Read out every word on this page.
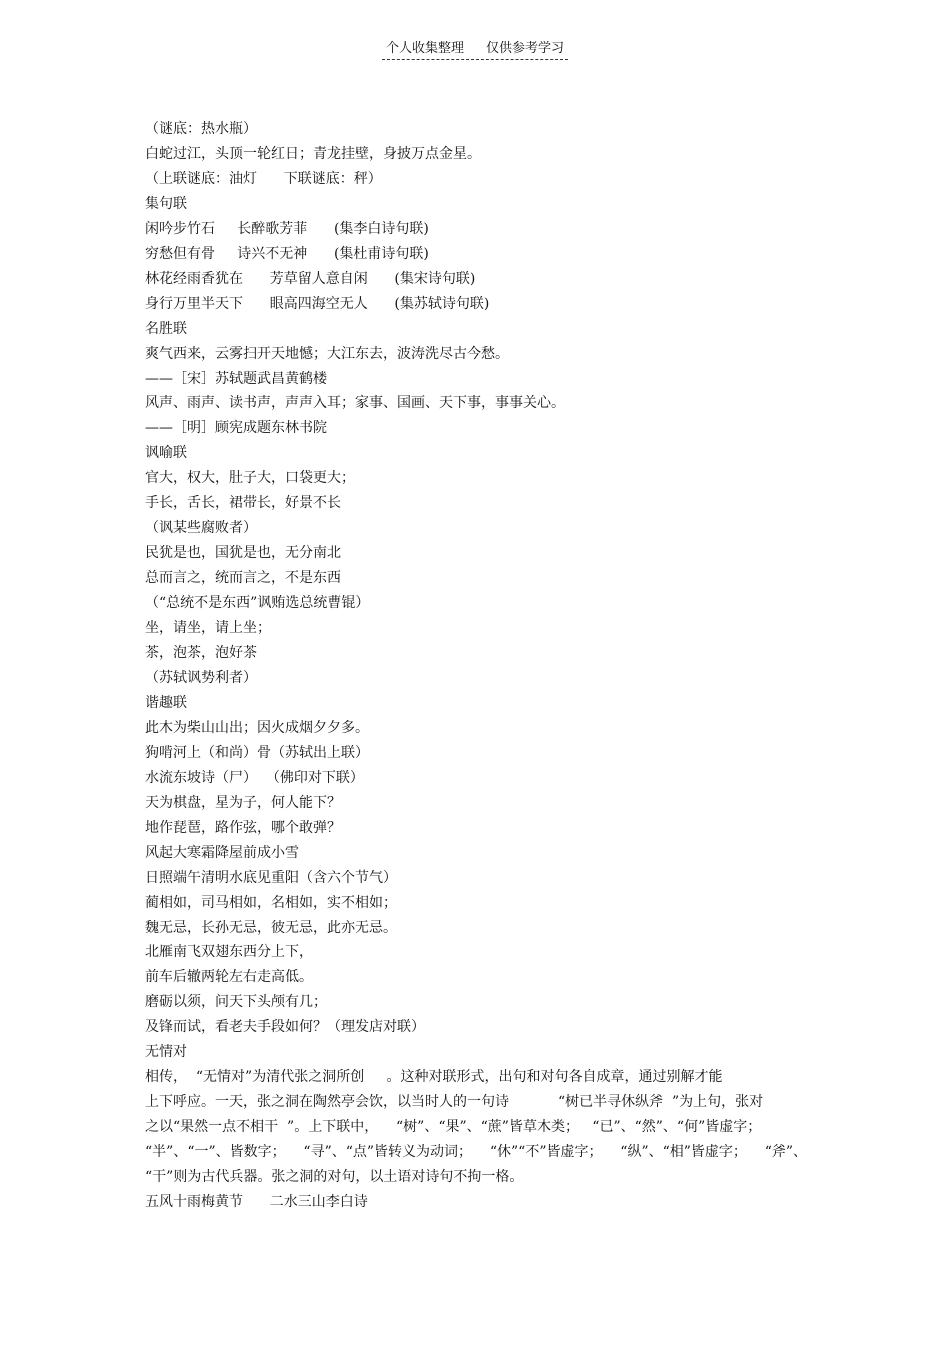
个人收集整理 仅供参考学习

（谜底：热水瓶）

白蛇过江，头顶一轮红日；青龙挂壁，身披万点金星。

（上联谜底：油灯      下联谜底：秤）

集句联

闲吟步竹石     长醉歌芳菲      (集李白诗句联)

穷愁但有骨     诗兴不无神      (集杜甫诗句联)

林花经雨香犹在      芳草留人意自闲      (集宋诗句联)

身行万里半天下      眼高四海空无人      (集苏轼诗句联)

名胜联

爽气西来，云雾扫开天地憾；大江东去，波涛洗尽古今愁。

——［宋］苏轼题武昌黄鹤楼

风声、雨声、读书声，声声入耳；家事、国画、天下事，事事关心。

——［明］顾宪成题东林书院

讽喻联

官大，权大，肚子大，口袋更大；

手长，舌长，裙带长，好景不长

（讽某些腐败者）

民犹是也，国犹是也，无分南北

总而言之，统而言之，不是东西

（“总统不是东西”讽贿选总统曹锟）

坐，请坐，请上坐；

茶，泡茶，泡好茶

（苏轼讽势利者）

谐趣联

此木为柴山山出；因火成烟夕夕多。

狗啃河上（和尚）骨（苏轼出上联）

水流东坡诗（尸）  （佛印对下联）

天为棋盘，星为子，何人能下？

地作琵琶，路作弦，哪个敢弹？

风起大寒霜降屋前成小雪

日照端午清明水底见重阳（含六个节气）

蔺相如，司马相如，名相如，实不相如；

魏无忌，长孙无忌，彼无忌，此亦无忌。

北雁南飞双翅东西分上下，

前车后辙两轮左右走高低。

磨砺以须，问天下头颅有几；

及锋而试，看老夫手段如何？（理发店对联）

无情对

相传，  “无情对”为清代张之洞所创     。这种对联形式，出句和对句各自成章，通过别解才能

上下呼应。一天，张之洞在陶然亭会饮，以当时人的一句诗           “树已半寻休纵斧  ”为上句，张对

之以“果然一点不相干  ”。上下联中，    “树”、“果”、“蔗”皆草木类；   “已”、“然”、“何”皆虚字；

“半”、“一”、皆数字；    “寻”、“点”皆转义为动词；    “休”“不”皆虚字；    “纵”、“相”皆虚字；    “斧”、

“干”则为古代兵器。张之洞的对句，以土语对诗句不拘一格。

五风十雨梅黄节      二水三山李白诗
